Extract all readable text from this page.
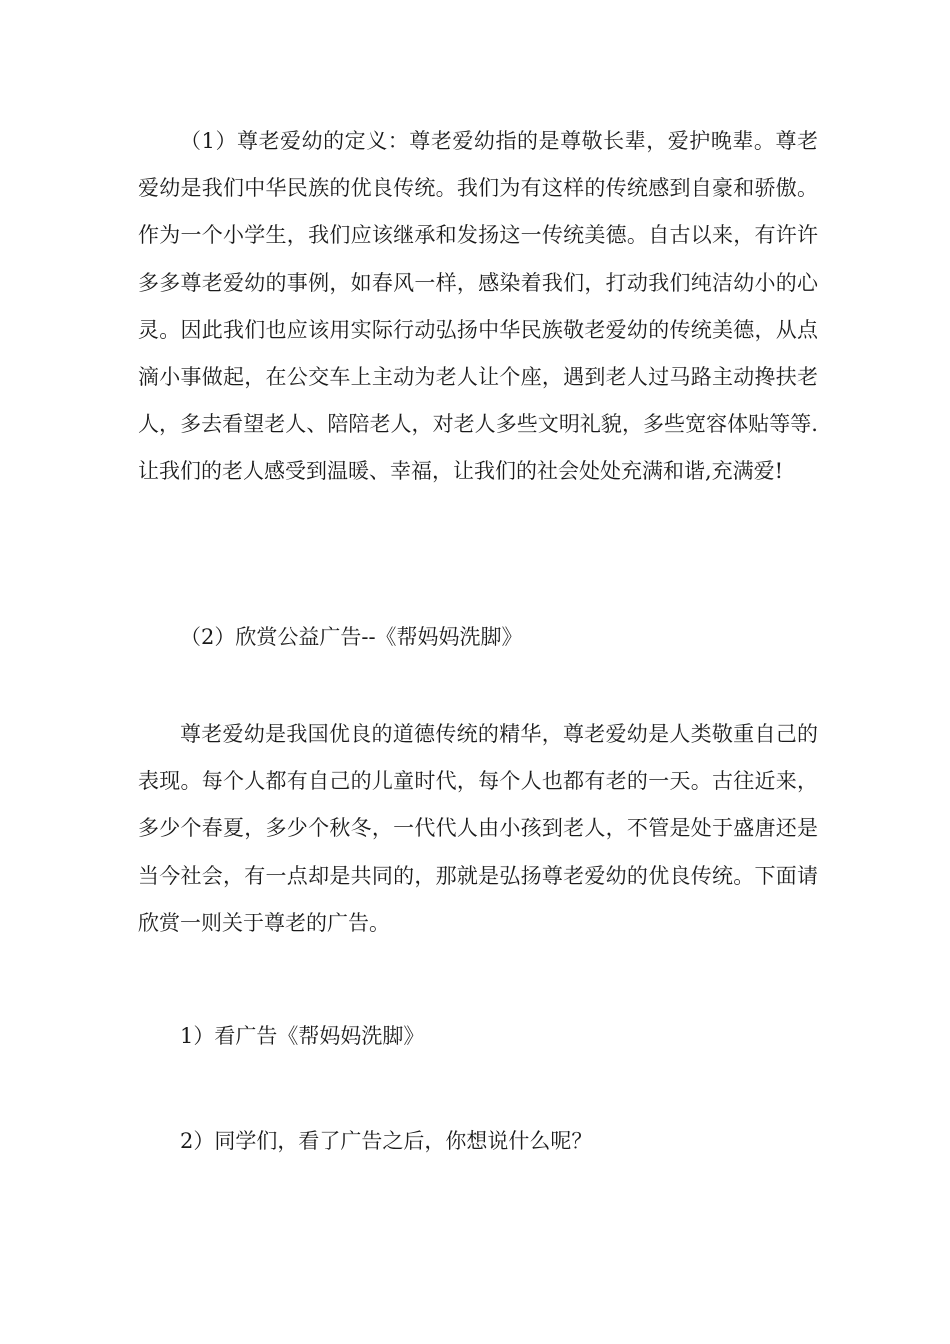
（1）尊老爱幼的定义：尊老爱幼指的是尊敬长辈，爱护晚辈。尊老爱幼是我们中华民族的优良传统。我们为有这样的传统感到自豪和骄傲。作为一个小学生，我们应该继承和发扬这一传统美德。自古以来，有许许多多尊老爱幼的事例，如春风一样，感染着我们，打动我们纯洁幼小的心灵。因此我们也应该用实际行动弘扬中华民族敬老爱幼的传统美德，从点滴小事做起，在公交车上主动为老人让个座，遇到老人过马路主动搀扶老人，多去看望老人、陪陪老人，对老人多些文明礼貌，多些宽容体贴等等.让我们的老人感受到温暖、幸福，让我们的社会处处充满和谐,充满爱!

（2）欣赏公益广告--《帮妈妈洗脚》

尊老爱幼是我国优良的道德传统的精华，尊老爱幼是人类敬重自己的表现。每个人都有自己的儿童时代，每个人也都有老的一天。古往近来，多少个春夏，多少个秋冬，一代代人由小孩到老人，不管是处于盛唐还是当今社会，有一点却是共同的，那就是弘扬尊老爱幼的优良传统。下面请欣赏一则关于尊老的广告。

1）看广告《帮妈妈洗脚》

2）同学们，看了广告之后，你想说什么呢？
